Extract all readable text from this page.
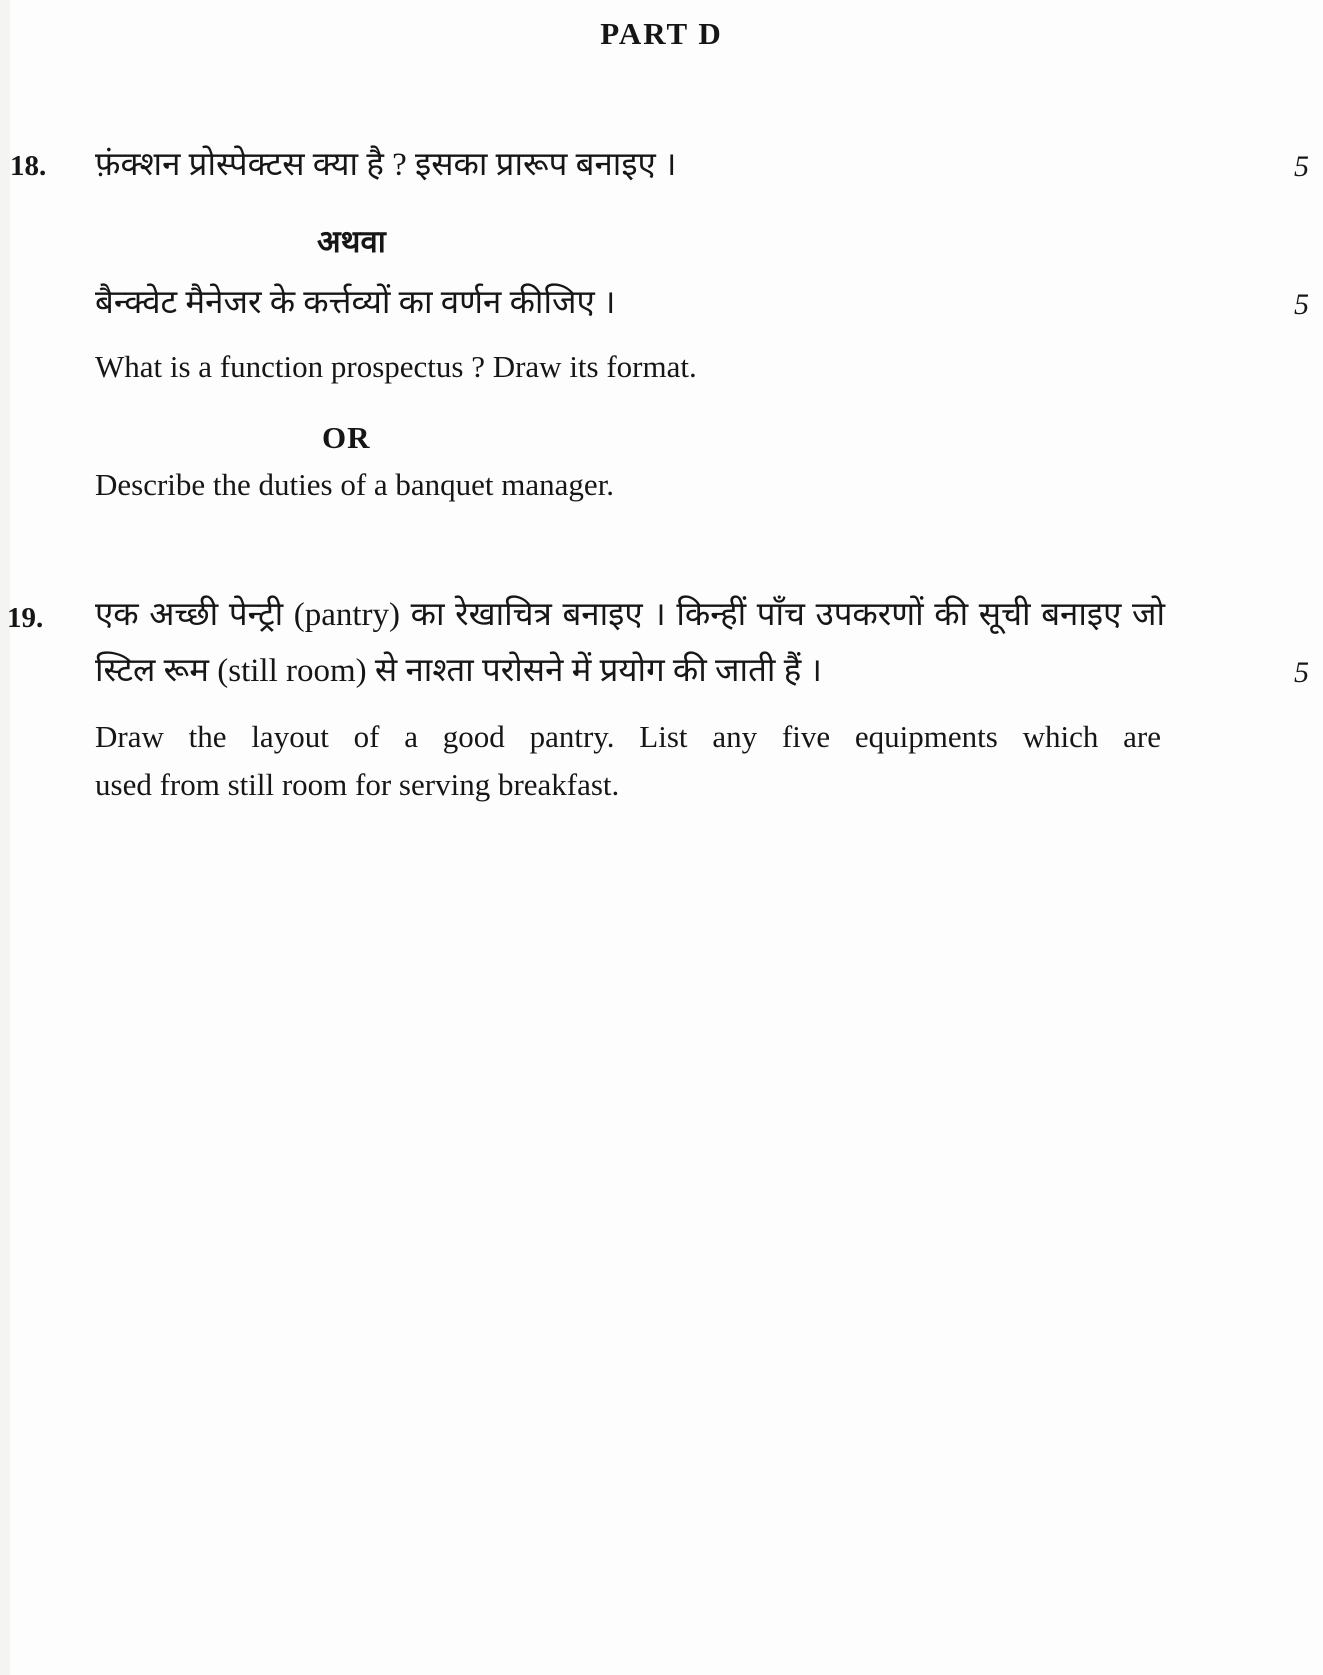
PART D
18. फ़ंक्शन प्रोस्पेक्टस क्या है ? इसका प्रारूप बनाइए ।	5
अथवा
बैन्क्वेट मैनेजर के कर्त्तव्यों का वर्णन कीजिए ।	5
What is a function prospectus ? Draw its format.
OR
Describe the duties of a banquet manager.
19. एक अच्छी पेन्ट्री (pantry) का रेखाचित्र बनाइए । किन्हीं पाँच उपकरणों की सूची बनाइए जो
स्टिल रूम (still room) से नाश्ता परोसने में प्रयोग की जाती हैं ।	5
Draw the layout of a good pantry. List any five equipments which are
used from still room for serving breakfast.
